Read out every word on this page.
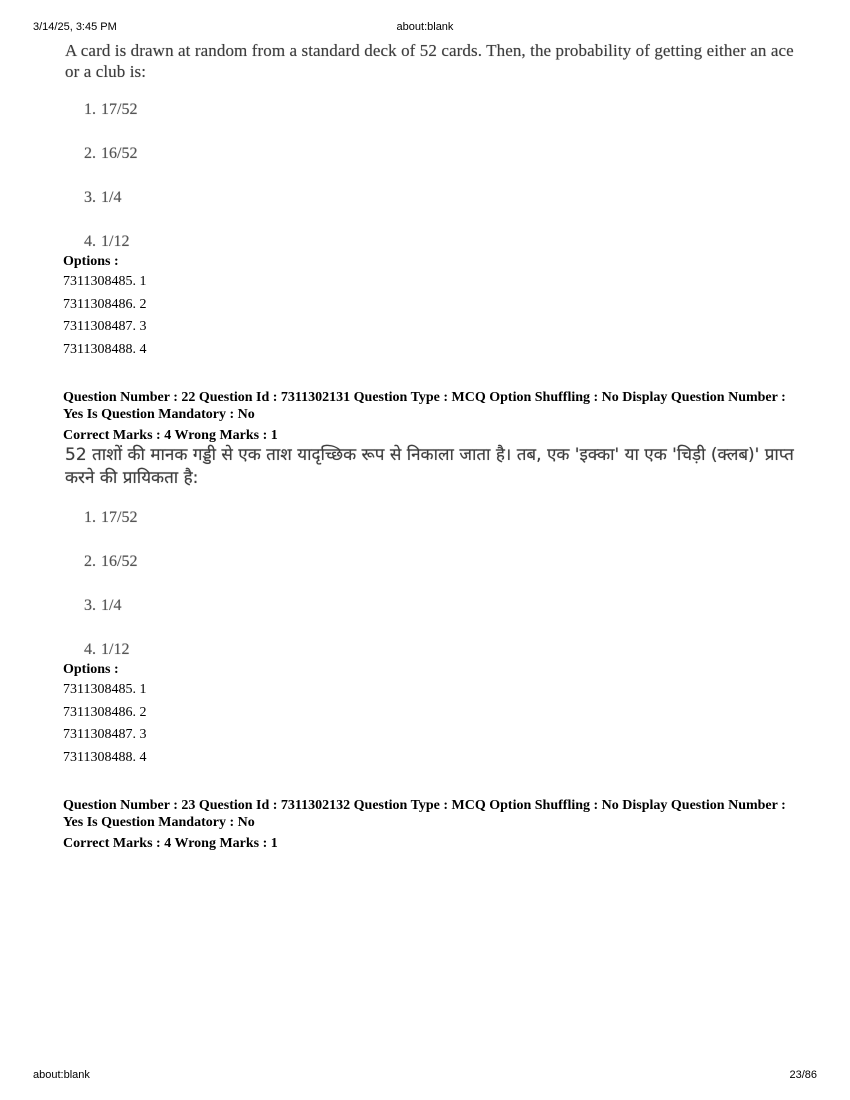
3/14/25, 3:45 PM	about:blank
A card is drawn at random from a standard deck of 52 cards. Then, the probability of getting either an ace or a club is:
1. 17/52
2. 16/52
3. 1/4
4. 1/12
Options :
7311308485. 1
7311308486. 2
7311308487. 3
7311308488. 4
Question Number : 22 Question Id : 7311302131 Question Type : MCQ Option Shuffling : No Display Question Number : Yes Is Question Mandatory : No
Correct Marks : 4 Wrong Marks : 1
52 ताशों की मानक गड्डी से एक ताश यादृच्छिक रूप से निकाला जाता है। तब, एक 'इक्का' या एक 'चिड़ी (क्लब)' प्राप्त करने की प्रायिकता है:
1. 17/52
2. 16/52
3. 1/4
4. 1/12
Options :
7311308485. 1
7311308486. 2
7311308487. 3
7311308488. 4
Question Number : 23 Question Id : 7311302132 Question Type : MCQ Option Shuffling : No Display Question Number : Yes Is Question Mandatory : No
Correct Marks : 4 Wrong Marks : 1
about:blank	23/86
